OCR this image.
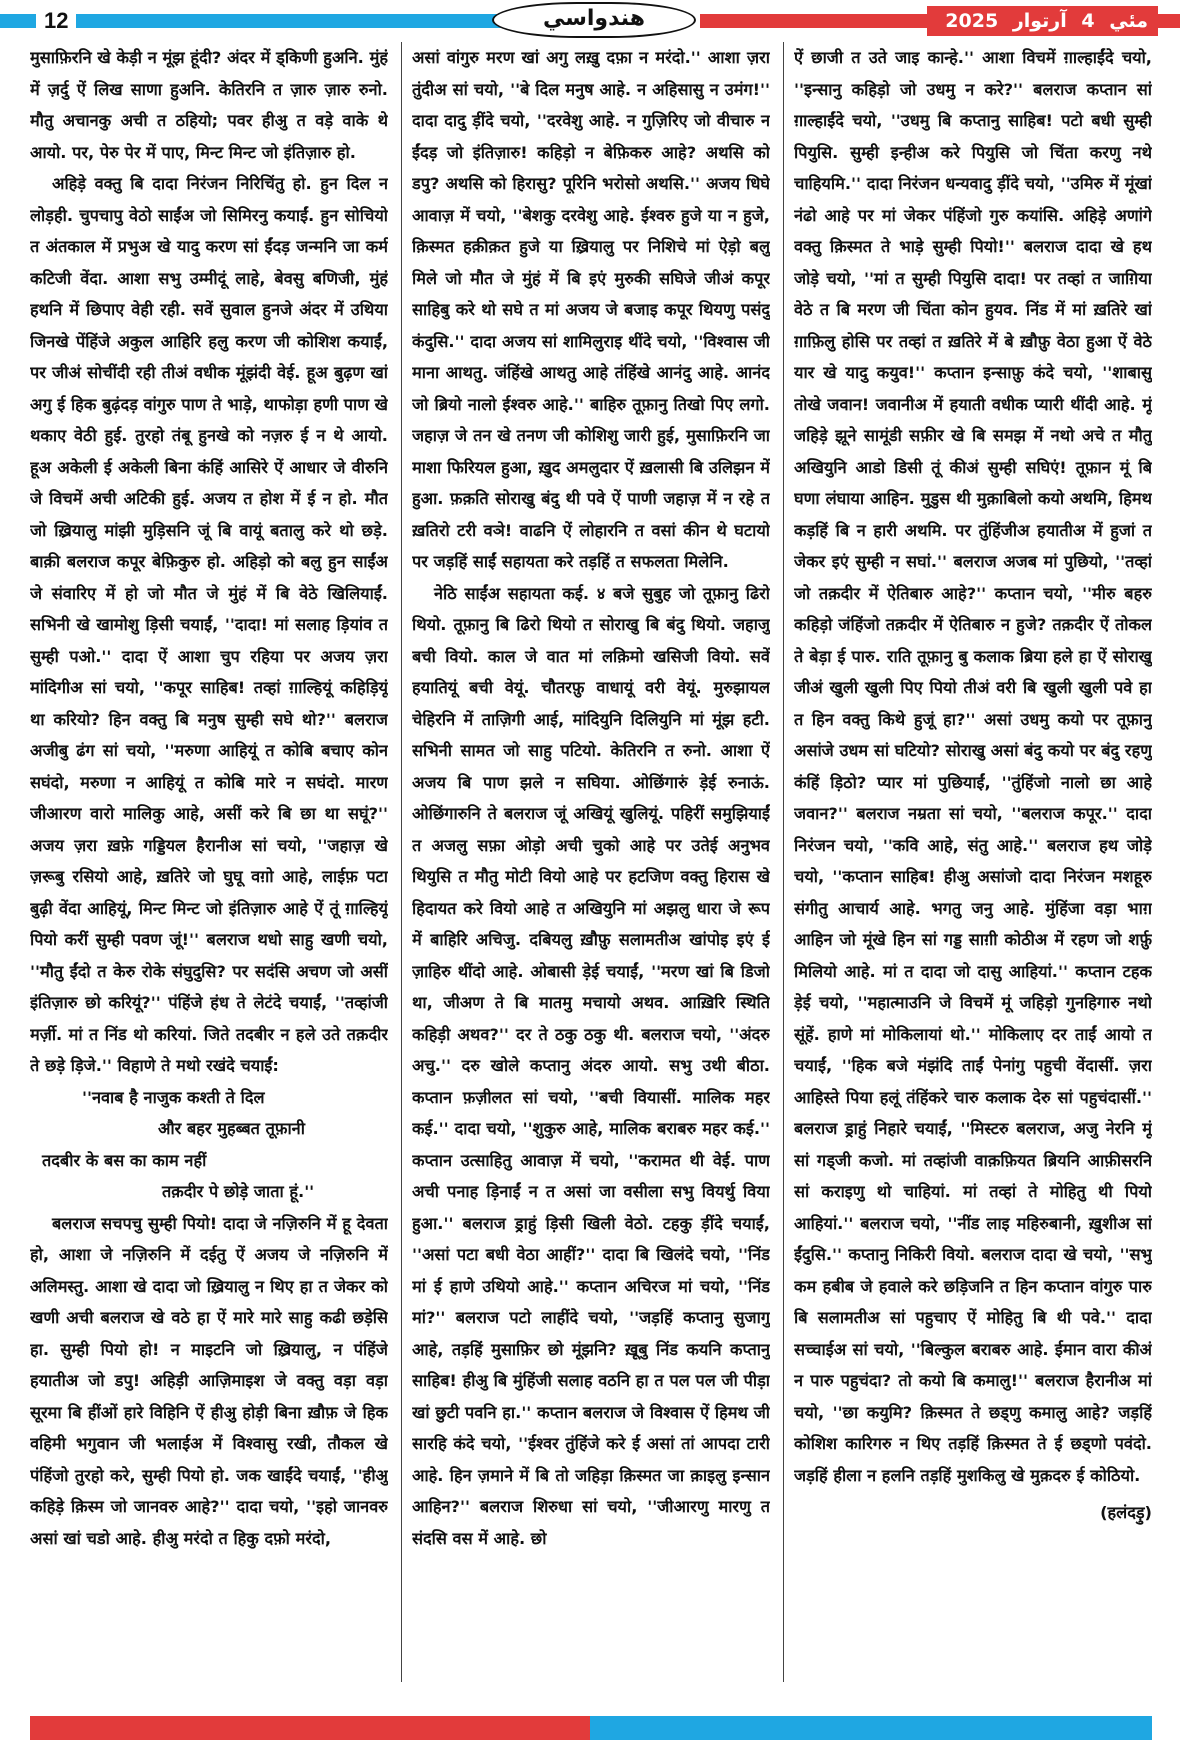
12	هندواسي	2025	مئي 4 آرتوار

मुसाफ़िरनि खे केड़ी न मूंझ हूंदी? अंदर में ड्किणी हुअनि. मुंहं में ज़र्दु ऐं लिख साणा हुअनि. केतिरनि त ज़ारु ज़ारु रुनो. मौतु अचानकु अची त ठहियो; पवर हीअु त वड़े वाके थे आयो. पर, पेरु पेर में पाए, मिन्ट मिन्ट जो इंतिज़ारु हो.

अहिड़े वक्तु बि दादा निरंजन निरिचिंतु हो. हुन दिल न लोड़ही. चुपचापु वेठो साईंअ जो सिमिरनु कयाईं. हुन सोचियो त अंतकाल में प्रभुअ खे यादु करण सां ईंदड़ जन्मनि जा कर्म कटिजी वेंदा. आशा सभु उम्मीदूं लाहे, बेवसु बणिजी, मुंहं हथनि में छिपाए वेही रही. सवें सुवाल हुनजे अंदर में उथिया जिनखे पेंहिंजे अकुल आहिरि हलु करण जी कोशिश कयाईं, पर जीअं सोचींदी रही तीअं वधीक मूंझंदी वेई. हूअ बुढ़ण खां अगु ई हिक बुढ़ंदड़ वांगुरु पाण ते भाड़े, थाफोड़ा हणी पाण खे थकाए वेठी हुई. तुरहो तंबू हुनखे को नज़रु ई न थे आयो. हूअ अकेली ई अकेली बिना कंहिं आसिरे ऐं आधार जे वीरुनि जे विचमें अची अटिकी हुई. अजय त होश में ई न हो. मौत जो ख़्रियालु मांझी मुड़िसनि जूं बि वायूं बतालु करे थो छड़े. बाक़ी बलराज कपूर बेफ़िकुरु हो. अहिड़ो को बलु हुन साईंअ जे संवारिए में हो जो मौत जे मुंहं में बि वेठे खिलियाईं. सभिनी खे खामोशु ड़िसी चयाईं, ''दादा! मां सलाह ड़ियांव त सुम्ही पओ.'' दादा ऐं आशा चुप रहिया पर अजय ज़रा मांदिगीअ सां चयो, ''कपूर साहिब! तव्हां ग़ाल्हियूं कहिड़ियूं था करियो? हिन वक्तु बि मनुष सुम्ही सघे थो?'' बलराज अजीबु ढंग सां चयो, ''मरुणा आहियूं त कोबि बचाए कोन सघंदो, मरुणा न आहियूं त कोबि मारे न सघंदो. मारण जीआरण वारो मालिकु आहे, असीं करे बि छा था सघूं?'' अजय ज़रा ख़फ़े गड्डियल हैरानीअ सां चयो, ''जहाज़ खे ज़रूबु रसियो आहे, ख़तिरे जो घुघू वग़ो आहे, लाईफ़ पटा बुढ़ी वेंदा आहियूं, मिन्ट मिन्ट जो इंतिज़ारु आहे ऐं तूं ग़ाल्हियूं पियो करीं सुम्ही पवण जूं!'' बलराज थधो साहु खणी चयो, ''मौतु ईंदो त केरु रोके संघुदुसि? पर सदंसि अचण जो असीं इंतिज़ारु छो करियूं?'' पंहिंजे हंध ते लेटंदे चयाईं, ''तव्हांजी मर्ज़ी. मां त निंड थो करियां. जिते तदबीर न हले उते तक़दीर ते छड़े ड़िजे.'' विहाणे ते मथो रखंदे चयाईं:

''नवाब है नाजुक कश्ती ते दिल
और बहर मुहब्बत तूफ़ानी
तदबीर के बस का काम नहीं
तक़दीर पे छोड़े जाता हूं.''

बलराज सचपचु सुम्ही पियो! दादा जे नज़िरुनि में हू देवता हो, आशा जे नज़िरुनि में दईतु ऐं अजय जे नज़िरुनि में अलिमस्तु. आशा खे दादा जो ख़्रियालु न थिए हा त जेकर को खणी अची बलराज खे वठे हा ऐं मारे मारे साहु कढी छड़ेसि हा. सुम्ही पियो हो! न माइटनि जो ख़्रियालु, न पंहिंजे हयातीअ जो डपु! अहिड़ी आज़िमाइश जे वक्तु वड़ा वड़ा सूरमा बि हींओं हारे विहिनि ऐं हीअु होड़ी बिना ख़ौफ़ जे हिक वहिमी भगुवान जी भलाईअ में विश्वासु रखी, तौकल खे पंहिंजो तुरहो करे, सुम्ही पियो हो. जक खाईंदे चयाईं, ''हीअु कहिड़े क़िस्म जो जानवरु आहे?'' दादा चयो, ''इहो जानवरु असां खां चडो आहे. हीअु मरंदो त हिकु दफ़ो मरंदो,

असां वांगुरु मरण खां अगु लख़ु दफ़ा न मरंदो.'' आशा ज़रा तुंदीअ सां चयो, ''बे दिल मनुष आहे. न अहिसासु न उमंग!'' दादा दादु ड़ींदे चयो, ''दरवेशु आहे. न गुज़िरिए जो वीचारु न ईंदड़ जो इंतिज़ारु! कहिड़ो न बेफ़िकरु आहे? अथसि को डपु? अथसि को हिरासु? पूरिनि भरोसो अथसि.'' अजय धिघे आवाज़ में चयो, ''बेशकु दरवेशु आहे. ईश्वरु हुजे या न हुजे, क़िस्मत हक़ीक़त हुजे या ख़्रियालु पर निशिचे मां ऐड़ो बलु मिले जो मौत जे मुंहं में बि इएं मुरुकी सघिजे जीअं कपूर साहिबु करे थो सघे त मां अजय जे बजाइ कपूर थियणु पसंदु कंदुसि.'' दादा अजय सां शामिलुराइ थींदे चयो, ''विश्वास जी माना आथतु. जंहिंखे आथतु आहे तंहिंखे आनंदु आहे. आनंद जो ब्रियो नालो ईश्वरु आहे.'' बाहिरु तूफ़ानु तिखो पिए लगो. जहाज़ जे तन खे तनण जी कोशिशु जारी हुई, मुसाफ़िरनि जा माशा फिरियल हुआ, ख़ुद अमलुदार ऐं ख़लासी बि उलिझन में हुआ. फ़क़ति सोराखु बंदु थी पवे ऐं पाणी जहाज़ में न रहे त ख़तिरो टरी वञे! वाढनि ऐं लोहारनि त वसां कीन थे घटायो पर जड़हिं साईं सहायता करे तड़हिं त सफलता मिलेनि.

नेठि साईंअ सहायता कई. ४ बजे सुबुह जो तूफ़ानु ढिरो थियो. तूफ़ानु बि ढिरो थियो त सोराखु बि बंदु थियो. जहाजु बची वियो. काल जे वात मां लक़िमो खसिजी वियो. सवें हयातियूं बची वेयूं. चौतरफ़ु वाधायूं वरी वेयूं. मुरुझायल चेहिरनि में ताज़िगी आई, मांदियुनि दिलियुनि मां मूंझ हटी. सभिनी सामत जो साहु पटियो. केतिरनि त रुनो. आशा ऐं अजय बि पाण झले न सघिया. ओछिंगारुं ड़ेई रुनाऊं. ओछिंगारुनि ते बलराज जूं अखियूं खुलियूं. पहिरीं समुझियाईं त अजलु सफ़ा ओड़ो अची चुको आहे पर उतेई अनुभव थियुसि त मौतु मोटी वियो आहे पर हटजिण वक्तु हिरास खे हिदायत करे वियो आहे त अखियुनि मां अझलु धारा जे रूप में बाहिरि अचिजु. दबियलु ख़ौफ़ु सलामतीअ खांपोइ इएं ई ज़ाहिरु थींदो आहे. ओबासी ड़ेई चयाईं, ''मरण खां बि डिजो था, जीअण ते बि मातमु मचायो अथव. आख़िरि स्थिति कहिड़ी अथव?'' दर ते ठकु ठकु थी. बलराज चयो, ''अंदरु अचु.'' दरु खोले कप्तानु अंदरु आयो. सभु उथी बीठा. कप्तान फ़ज़ीलत सां चयो, ''बची वियासीं. मालिक महर कई.'' दादा चयो, ''शुकुरु आहे, मालिक बराबरु महर कई.'' कप्तान उत्साहितु आवाज़ में चयो, ''करामत थी वेई. पाण अची पनाह ड़िनाईं न त असां जा वसीला सभु वियर्थु विया हुआ.'' बलराज ड्राहुं ड़िसी खिली वेठो. टहकु ड़ींदे चयाईं, ''असां पटा बधी वेठा आहीं?'' दादा बि खिलंदे चयो, ''निंड मां ई हाणे उथियो आहे.'' कप्तान अचिरज मां चयो, ''निंड मां?'' बलराज पटो लाहींदे चयो, ''जड़हिं कप्तानु सुजागु आहे, तड़हिं मुसाफ़िर छो मूंझनि? ख़ूबु निंड कयनि कप्तानु साहिब! हीअु बि मुंहिंजी सलाह वठनि हा त पल पल जी पीड़ा खां छुटी पवनि हा.'' कप्तान बलराज जे विश्वास ऐं हिमथ जी सारहि कंदे चयो, ''ईश्वर तुंहिंजे करे ई असां तां आपदा टारी आहे. हिन ज़माने में बि तो जहिड़ा क़िस्मत जा क़ाइलु इन्सान आहिन?'' बलराज शिरुधा सां चयो, ''जीआरणु मारणु त संदसि वस में आहे. छो

ऐं छाजी त उते जाइ कान्हे.'' आशा विचमें ग़ाल्हाईंदे चयो, ''इन्सानु कहिड़ो जो उधमु न करे?'' बलराज कप्तान सां ग़ाल्हाईंदे चयो, ''उधमु बि कप्तानु साहिब! पटो बधी सुम्ही पियुसि. सुम्ही इन्हीअ करे पियुसि जो चिंता करणु नथे चाहियमि.'' दादा निरंजन धन्यवादु ड़ींदे चयो, ''उमिरु में मूंखां नंढो आहे पर मां जेकर पंहिंजो गुरु कयांसि. अहिड़े अणांगे वक्तु क़िस्मत ते भाड़े सुम्ही पियो!'' बलराज दादा खे हथ जोड़े चयो, ''मां त सुम्ही पियुसि दादा! पर तव्हां त जाग़िया वेठे त बि मरण जी चिंता कोन हुयव. निंड में मां ख़तिरे खां ग़ाफ़िलु होसि पर तव्हां त ख़तिरे में बे ख़ौफ़ु वेठा हुआ ऐं वेठे यार खे यादु कयुव!'' कप्तान इन्साफ़ु कंदे चयो, ''शाबासु तोखे जवान! जवानीअ में हयाती वधीक प्यारी थींदी आहे. मूं जहिड़े झूने सामूंडी सफ़ीर खे बि समझ में नथो अचे त मौतु अखियुनि आडो डिसी तूं कीअं सुम्ही सघिएं! तूफ़ान मूं बि घणा लंघाया आहिन. मुडुस थी मुक़ाबिलो कयो अथमि, हिमथ कड़हिं बि न हारी अथमि. पर तुंहिंजीअ हयातीअ में हुजां त जेकर इएं सुम्ही न सघां.'' बलराज अजब मां पुछियो, ''तव्हां जो तक़दीर में ऐतिबारु आहे?'' कप्तान चयो, ''मीरु बहरु कहिड़ो जंहिंजो तक़दीर में ऐतिबारु न हुजे? तक़दीर ऐं तोकल ते बेड़ा ई पारु. राति तूफ़ानु बु कलाक ब्रिया हले हा ऐं सोराखु जीअं खुली खुली पिए पियो तीअं वरी बि खुली खुली पवे हा त हिन वक्तु किथे हुजूं हा?'' असां उधमु कयो पर तूफ़ानु असांजे उधम सां घटियो? सोराखु असां बंदु कयो पर बंदु रहणु कंहिं ड़िठो? प्यार मां पुछियाईं, ''तुंहिंजो नालो छा आहे जवान?'' बलराज नम्रता सां चयो, ''बलराज कपूर.'' दादा निरंजन चयो, ''कवि आहे, संतु आहे.'' बलराज हथ जोड़े चयो, ''कप्तान साहिब! हीअु असांजो दादा निरंजन मशहूरु संगीतु आचार्य आहे. भगतु जनु आहे. मुंहिंजा वड़ा भाग़ आहिन जो मूंखे हिन सां गड्ड साग़ी कोठीअ में रहण जो शर्फ़ु मिलियो आहे. मां त दादा जो दासु आहियां.'' कप्तान टहक ड़ेई चयो, ''महात्माउनि जे विचमें मूं जहिड़ो गुनहिगारु नथो सूंहें. हाणे मां मोकिलायां थो.'' मोकिलाए दर ताईं आयो त चयाईं, ''हिक बजे मंझंदि ताईं पेनांगु पहुची वेंदासीं. ज़रा आहिस्ते पिया हलूं तंहिंकरे चारु कलाक देरु सां पहुचंदासीं.'' बलराज ड्राहुं निहारे चयाईं, ''मिस्टरु बलराज, अजु नेरनि मूं सां गड्जी कजो. मां तव्हांजी वाक़फ़ियत ब्रियनि आफ़ीसरनि सां कराइणु थो चाहियां. मां तव्हां ते मोहितु थी पियो आहियां.'' बलराज चयो, ''नींड लाइ महिरुबानी, ख़ुशीअ सां ईंदुसि.'' कप्तानु निकिरी वियो. बलराज दादा खे चयो, ''सभु कम हबीब जे हवाले करे छड़िजनि त हिन कप्तान वांगुरु पारु बि सलामतीअ सां पहुचाए ऐं मोहितु बि थी पवे.'' दादा सच्चाईअ सां चयो, ''बिल्कुल बराबरु आहे. ईमान वारा कीअं न पारु पहुचंदा? तो कयो बि कमालु!'' बलराज हैरानीअ मां चयो, ''छा कयुमि? क़िस्मत ते छड्णु कमालु आहे? जड़हिं कोशिश कारिगरु न थिए तड़हिं क़िस्मत ते ई छड्णो पवंदो. जड़हिं हीला न हलनि तड़हिं मुशकिलु खे मुक़दरु ई कोठियो.

(हलंदड़ु)
